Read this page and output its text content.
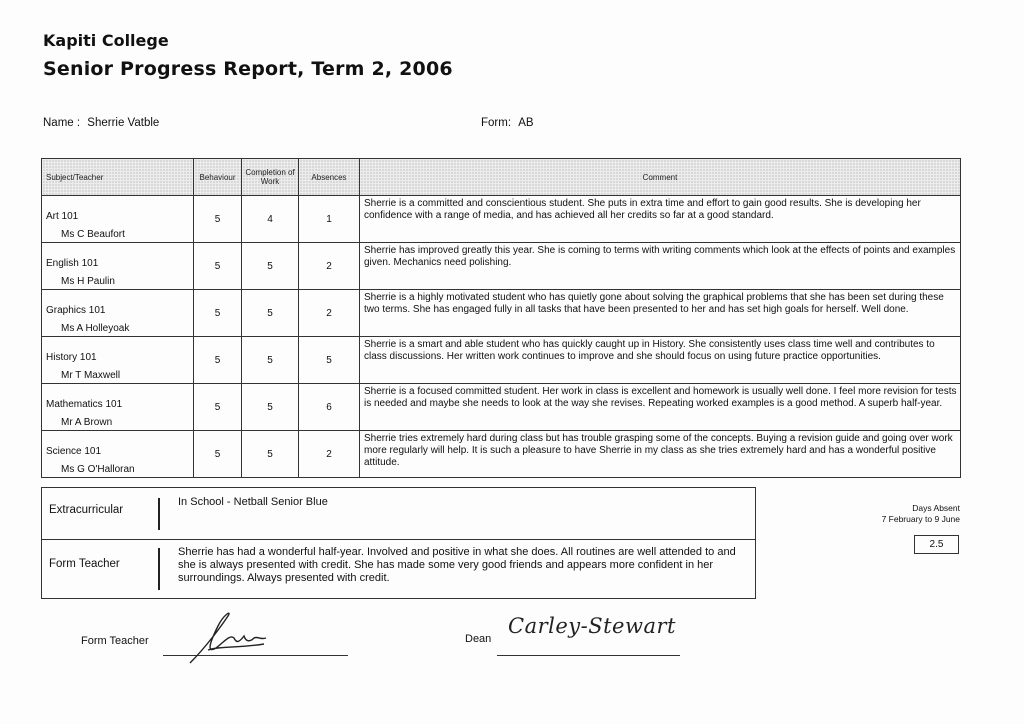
Kapiti College
Senior Progress Report, Term 2, 2006
Name : Sherrie Vatble	Form: AB
Subject/Teacher	Behaviour	Completion of Work	Absences	Comment

Art 101
Ms C Beaufort	5	4	1	Sherrie is a committed and conscientious student. She puts in extra time and effort to gain good results. She is developing her confidence with a range of media, and has achieved all her credits so far at a good standard.

English 101
Ms H Paulin	5	5	2	Sherrie has improved greatly this year. She is coming to terms with writing comments which look at the effects of points and examples given. Mechanics need polishing.

Graphics 101
Ms A Holleyoak	5	5	2	Sherrie is a highly motivated student who has quietly gone about solving the graphical problems that she has been set during these two terms. She has engaged fully in all tasks that have been presented to her and has set high goals for herself. Well done.

History 101
Mr T Maxwell	5	5	5	Sherrie is a smart and able student who has quickly caught up in History. She consistently uses class time well and contributes to class discussions. Her written work continues to improve and she should focus on using future practice opportunities.

Mathematics 101
Mr A Brown	5	5	6	Sherrie is a focused committed student. Her work in class is excellent and homework is usually well done. I feel more revision for tests is needed and maybe she needs to look at the way she revises. Repeating worked examples is a good method. A superb half-year.

Science 101
Ms G O'Halloran	5	5	2	Sherrie tries extremely hard during class but has trouble grasping some of the concepts. Buying a revision guide and going over work more regularly will help. It is such a pleasure to have Sherrie in my class as she tries extremely hard and has a wonderful positive attitude.
Extracurricular
In School - Netball Senior Blue
Form Teacher
Sherrie has had a wonderful half-year. Involved and positive in what she does. All routines are well attended to and she is always presented with credit. She has made some very good friends and appears more confident in her surroundings. Always presented with credit.
Days Absent
7 February to 9 June
2.5
Form Teacher	Dean
Carley-Stewart
